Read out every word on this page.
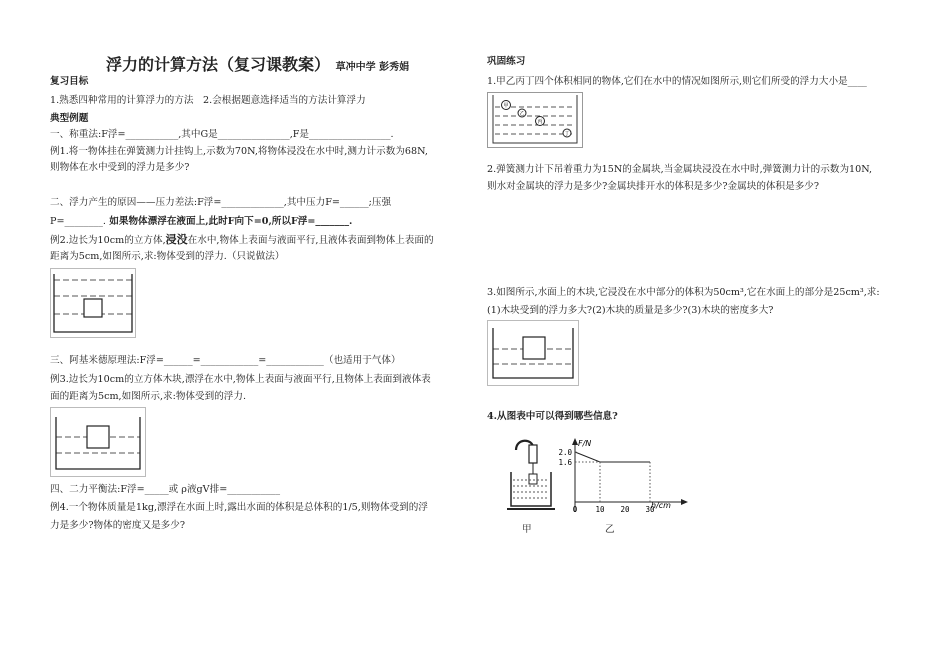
浮力的计算方法（复习课教案） 草冲中学 彭秀娟
复习目标
1.熟悉四种常用的计算浮力的方法　2.会根据题意选择适当的方法计算浮力
典型例题
一、称重法:F浮=___________,其中G是_______________,F是_________________.
例1.将一物体挂在弹簧测力计挂钩上,示数为70N,将物体浸没在水中时,测力计示数为68N,
则物体在水中受到的浮力是多少?
二、浮力产生的原因——压力差法:F浮=_____________,其中压力F=______;压强
P=________. 如果物体漂浮在液面上,此时F向下=0,所以F浮=_______.
例2.边长为10cm的立方体,浸没在水中,物体上表面与液面平行,且液体表面到物体上表面的
距离为5cm,如图所示,求:物体受到的浮力.（只说做法）
三、阿基米德原理法:F浮=______=____________=____________（也适用于气体）
例3.边长为10cm的立方体木块,漂浮在水中,物体上表面与液面平行,且物体上表面到液体表
面的距离为5cm,如图所示,求:物体受到的浮力.
四、二力平衡法:F浮=_____或 ρ液gV排=___________
例4.一个物体质量是1kg,漂浮在水面上时,露出水面的体积是总体积的1/5,则物体受到的浮
力是多少?物体的密度又是多少?
巩固练习
1.甲乙丙丁四个体积相同的物体,它们在水中的情况如图所示,则它们所受的浮力大小是____
甲
乙
丙
丁
2.弹簧测力计下吊着重力为15N的金属块,当金属块浸没在水中时,弹簧测力计的示数为10N,
则水对金属块的浮力是多少?金属块排开水的体积是多少?金属块的体积是多少?
3.如图所示,水面上的木块,它浸没在水中部分的体积为50cm³,它在水面上的部分是25cm³,求:
(1)木块受到的浮力多大?(2)木块的质量是多少?(3)木块的密度多大?
4.从图表中可以得到哪些信息?
甲
F/N
h/cm
2.0
1.6
0 10 20 30
乙
